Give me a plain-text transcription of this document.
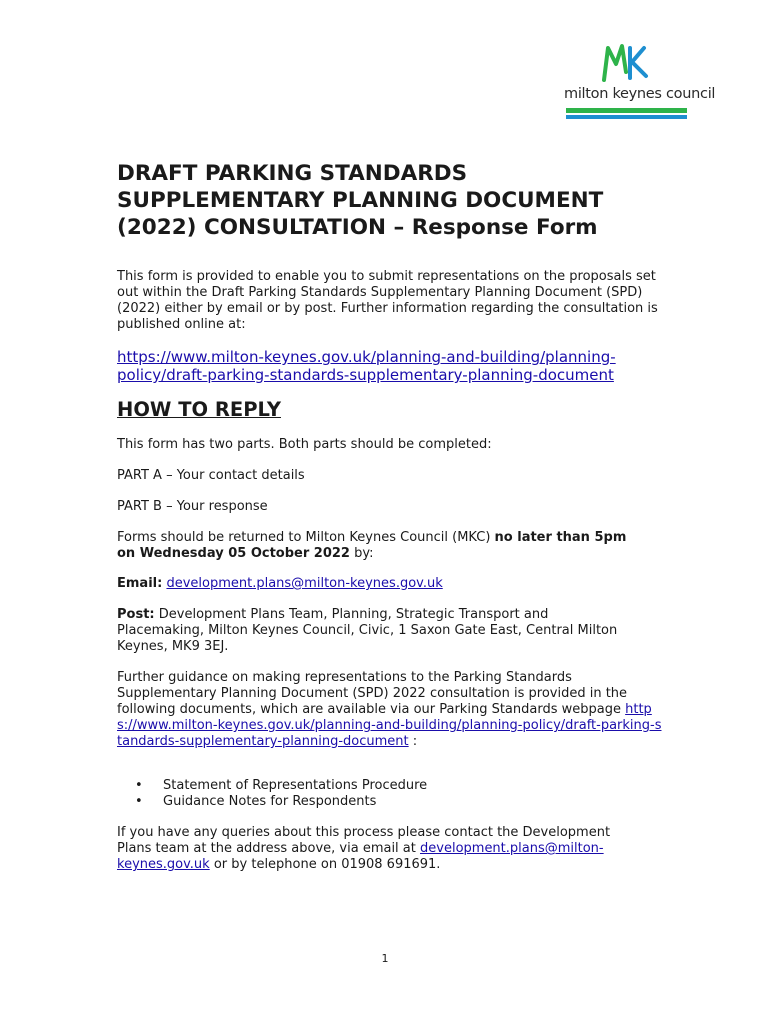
milton keynes council
DRAFT PARKING STANDARDS SUPPLEMENTARY PLANNING DOCUMENT (2022) CONSULTATION – Response Form

This form is provided to enable you to submit representations on the proposals set out within the Draft Parking Standards Supplementary Planning Document (SPD) (2022) either by email or by post. Further information regarding the consultation is published online at:

https://www.milton-keynes.gov.uk/planning-and-building/planning-policy/draft-parking-standards-supplementary-planning-document

HOW TO REPLY

This form has two parts. Both parts should be completed:

PART A – Your contact details

PART B – Your response

Forms should be returned to Milton Keynes Council (MKC) no later than 5pm on Wednesday 05 October 2022 by:

Email: development.plans@milton-keynes.gov.uk

Post: Development Plans Team, Planning, Strategic Transport and Placemaking, Milton Keynes Council, Civic, 1 Saxon Gate East, Central Milton Keynes, MK9 3EJ.

Further guidance on making representations to the Parking Standards Supplementary Planning Document (SPD) 2022 consultation is provided in the following documents, which are available via our Parking Standards webpage https://www.milton-keynes.gov.uk/planning-and-building/planning-policy/draft-parking-standards-supplementary-planning-document :

• Statement of Representations Procedure
• Guidance Notes for Respondents

If you have any queries about this process please contact the Development Plans team at the address above, via email at development.plans@milton-keynes.gov.uk or by telephone on 01908 691691.

1
